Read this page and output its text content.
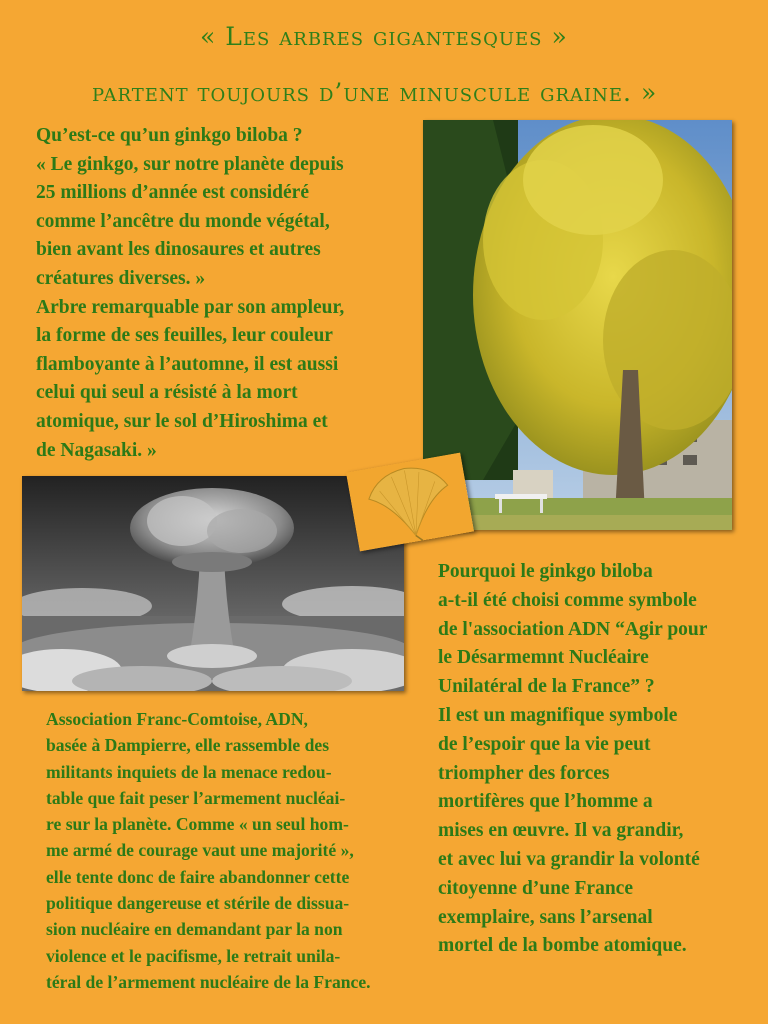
« Les arbres gigantesques »
partent toujours d’une minuscule graine. »

Qu’est-ce qu’un ginkgo biloba ?
« Le ginkgo, sur notre planète depuis
25 millions d’année est considéré
comme l’ancêtre du monde végétal,
bien avant les dinosaures et autres
créatures diverses. »
Arbre remarquable par son ampleur,
la forme de ses feuilles, leur couleur
flamboyante à l’automne, il est aussi
celui qui seul a résisté à la mort
atomique, sur le sol d’Hiroshima et
de Nagasaki. »

Pourquoi le ginkgo biloba
a-t-il été choisi comme symbole
de l'association ADN “Agir pour
le Désarmemnt Nucléaire
Unilatéral de la France” ?
Il est un magnifique symbole
de l’espoir que la vie peut
triompher des forces
mortifères que l’homme a
mises en œuvre. Il va grandir,
et avec lui va grandir la volonté
citoyenne d’une France
exemplaire, sans l’arsenal
mortel de la bombe atomique.

Association Franc-Comtoise, ADN,
basée à Dampierre, elle rassemble des
militants inquiets de la menace redou-
table que fait peser l’armement nucléai-
re sur la planète. Comme « un seul hom-
me armé de courage vaut une majorité »,
elle tente donc de faire abandonner cette
politique dangereuse et stérile de dissua-
sion nucléaire en demandant par la non
violence et le pacifisme, le retrait unila-
téral de l’armement nucléaire de la France.
